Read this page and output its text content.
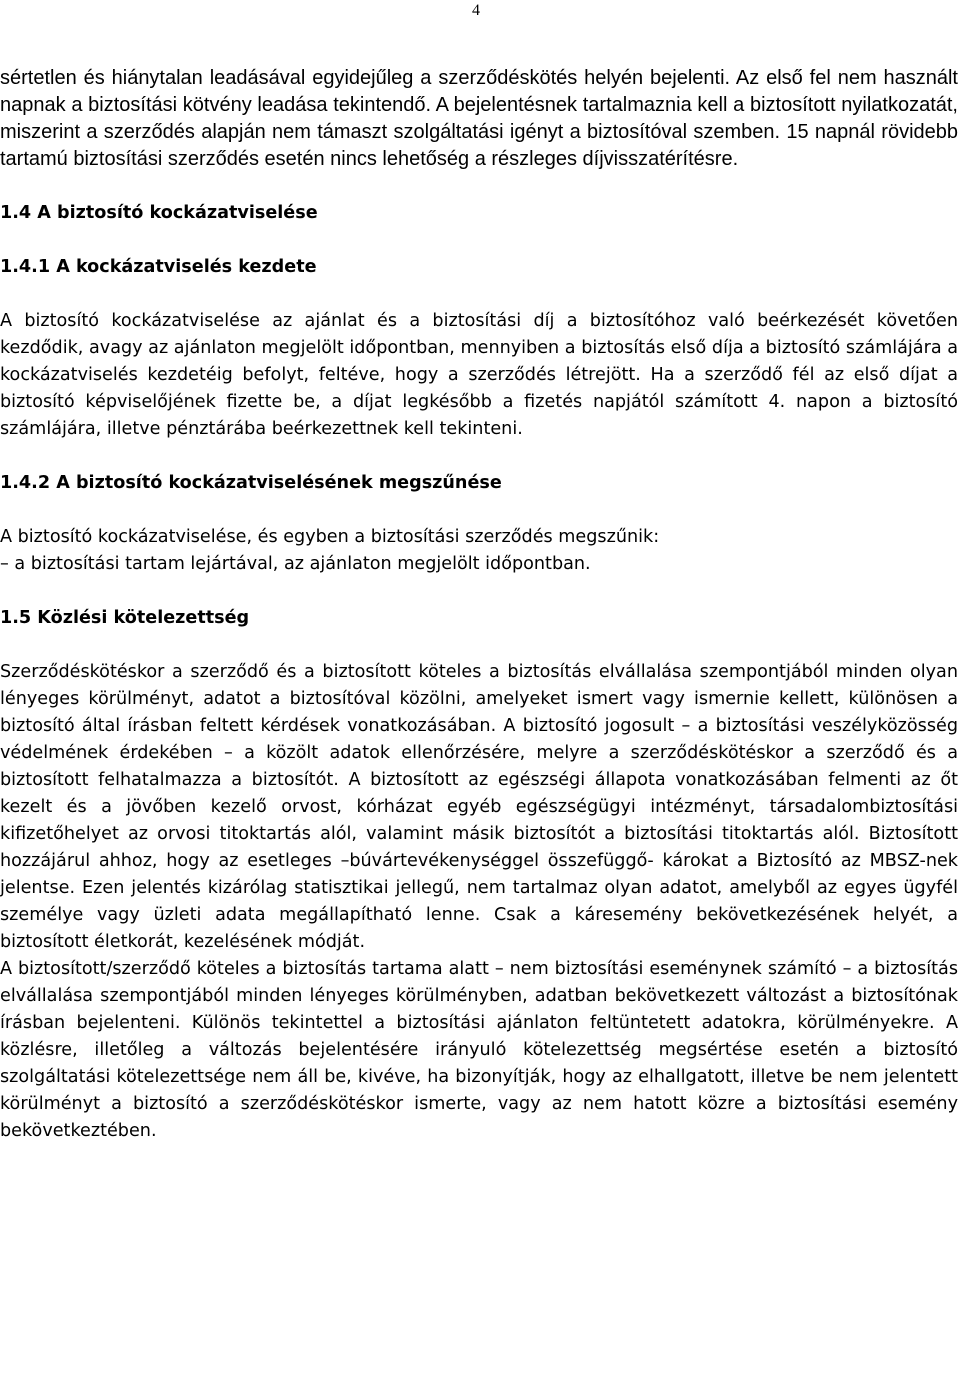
4

sértetlen és hiánytalan leadásával egyidejűleg a szerződéskötés helyén bejelenti. Az első fel nem használt napnak a biztosítási kötvény leadása tekintendő. A bejelentésnek tartalmaznia kell a biztosított nyilatkozatát, miszerint a szerződés alapján nem támaszt szolgáltatási igényt a biztosítóval szemben. 15 napnál rövidebb tartamú biztosítási szerződés esetén nincs lehetőség a részleges díjvisszatérítésre.

1.4 A biztosító kockázatviselése

1.4.1 A kockázatviselés kezdete

A biztosító kockázatviselése az ajánlat és a biztosítási díj a biztosítóhoz való beérkezését követően kezdődik, avagy az ajánlaton megjelölt időpontban, mennyiben a biztosítás első díja a biztosító számlájára a kockázatviselés kezdetéig befolyt, feltéve, hogy a szerződés létrejött. Ha a szerződő fél az első díjat a biztosító képviselőjének fizette be, a díjat legkésőbb a fizetés napjától számított 4. napon a biztosító számlájára, illetve pénztárába beérkezettnek kell tekinteni.

1.4.2 A biztosító kockázatviselésének megszűnése

A biztosító kockázatviselése, és egyben a biztosítási szerződés megszűnik:

– a biztosítási tartam lejártával, az ajánlaton megjelölt időpontban.

1.5 Közlési kötelezettség

Szerződéskötéskor a szerződő és a biztosított köteles a biztosítás elvállalása szempontjából minden olyan lényeges körülményt, adatot a biztosítóval közölni, amelyeket ismert vagy ismernie kellett, különösen a biztosító által írásban feltett kérdések vonatkozásában. A biztosító jogosult – a biztosítási veszélyközösség védelmének érdekében – a közölt adatok ellenőrzésére, melyre a szerződéskötéskor a szerződő és a biztosított felhatalmazza a biztosítót. A biztosított az egészségi állapota vonatkozásában felmenti az őt kezelt és a jövőben kezelő orvost, kórházat egyéb egészségügyi intézményt, társadalombiztosítási kifizetőhelyet az orvosi titoktartás alól, valamint másik biztosítót a biztosítási titoktartás alól. Biztosított hozzájárul ahhoz, hogy az esetleges –búvártevékenységgel összefüggő- károkat a Biztosító az MBSZ-nek jelentse. Ezen jelentés kizárólag statisztikai jellegű, nem tartalmaz olyan adatot, amelyből az egyes ügyfél személye vagy üzleti adata megállapítható lenne. Csak a káresemény bekövetkezésének helyét, a biztosított életkorát, kezelésének módját.

A biztosított/szerződő köteles a biztosítás tartama alatt – nem biztosítási eseménynek számító – a biztosítás elvállalása szempontjából minden lényeges körülményben, adatban bekövetkezett változást a biztosítónak írásban bejelenteni. Különös tekintettel a biztosítási ajánlaton feltüntetett adatokra, körülményekre. A közlésre, illetőleg a változás bejelentésére irányuló kötelezettség megsértése esetén a biztosító szolgáltatási kötelezettsége nem áll be, kivéve, ha bizonyítják, hogy az elhallgatott, illetve be nem jelentett körülményt a biztosító a szerződéskötéskor ismerte, vagy az nem hatott közre a biztosítási esemény bekövetkeztében.
